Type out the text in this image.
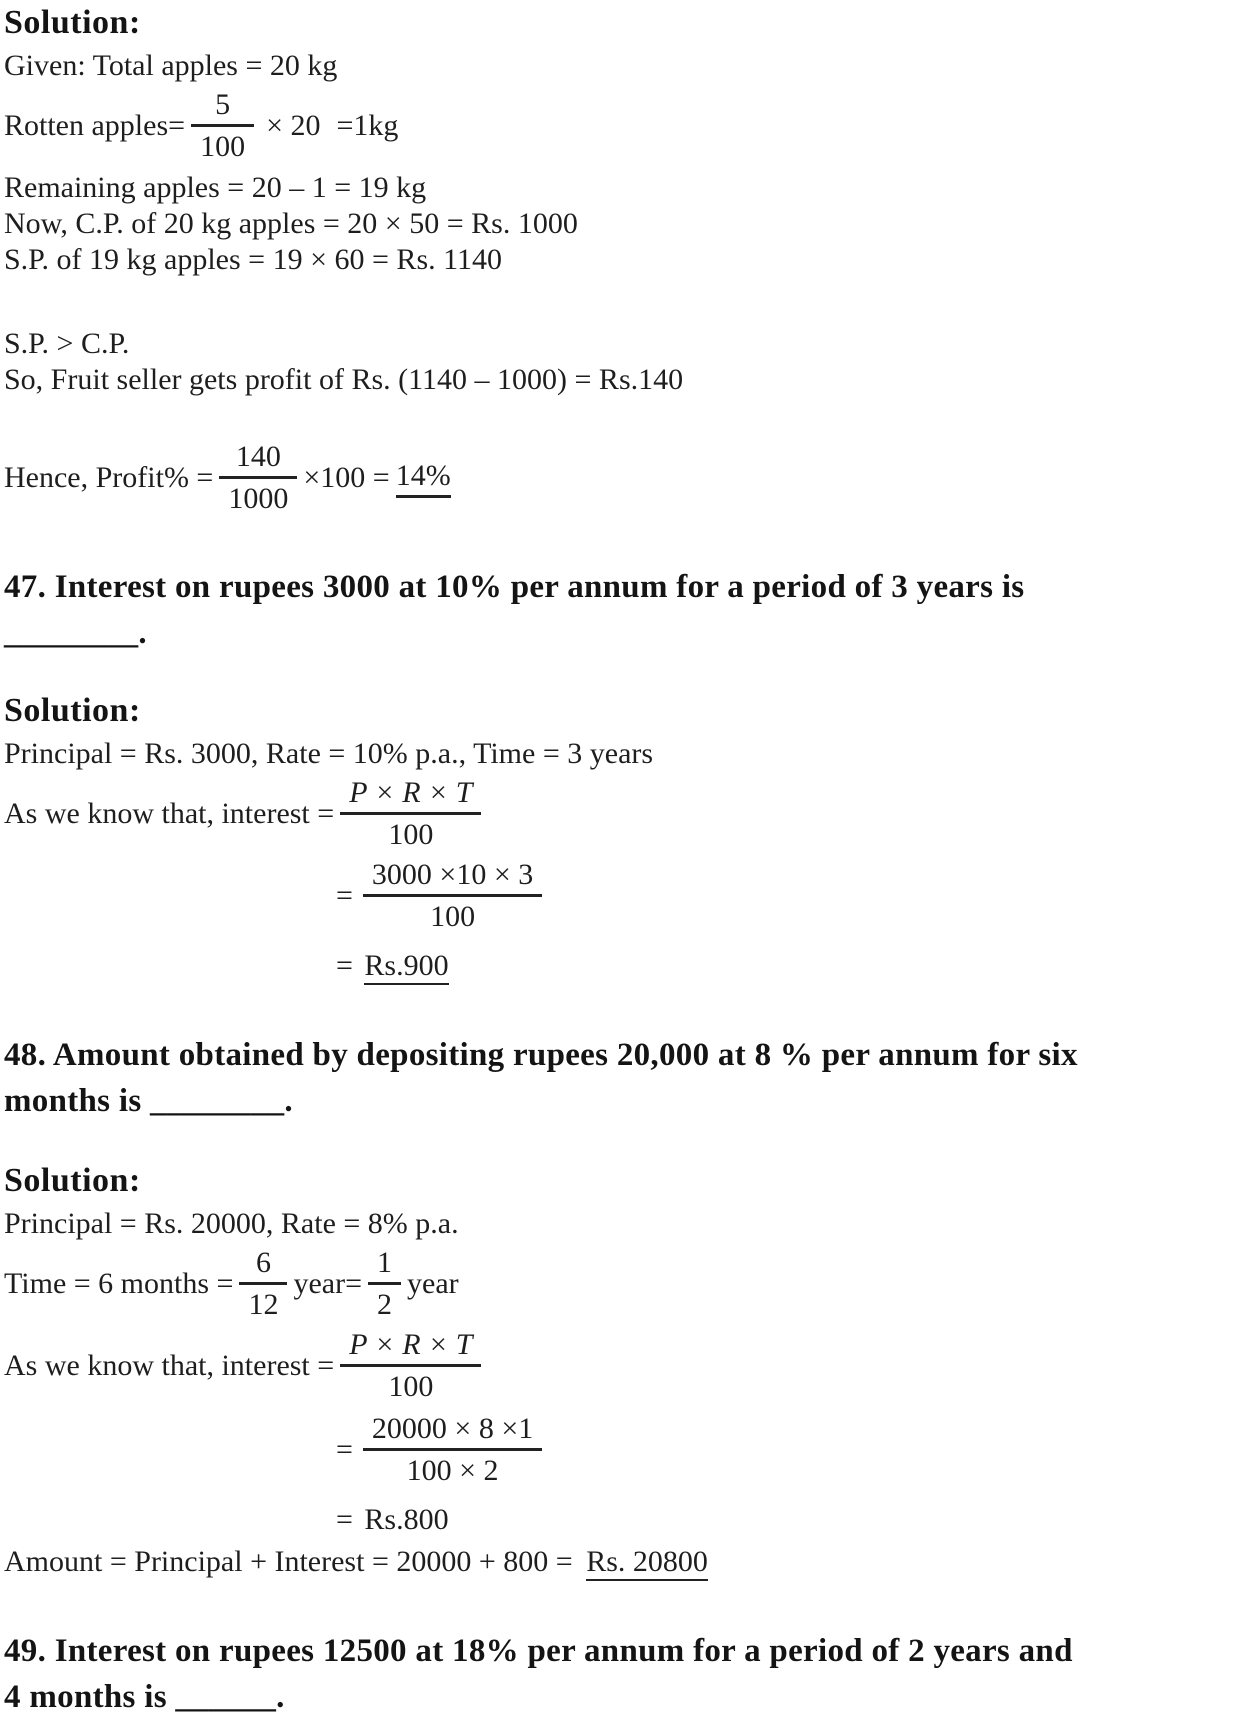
Solution:
Given: Total apples = 20 kg
Rotten apples= $\frac{5}{100} \times 20 =1kg$
Remaining apples = 20 – 1 = 19 kg
Now, C.P. of 20 kg apples = 20 × 50 = Rs. 1000
S.P. of 19 kg apples = 19 × 60 = Rs. 1140
S.P. > C.P.
So, Fruit seller gets profit of Rs. (1140 – 1000) = Rs.140
Hence, Profit% = $\frac{140}{1000} \times 100 = 14\%$
47. Interest on rupees 3000 at 10% per annum for a period of 3 years is
________.
Solution:
Principal = Rs. 3000, Rate = 10% p.a., Time = 3 years
As we know that, interest = $\frac{P \times R \times T}{100}$
= $\frac{3000 \times 10 \times 3}{100}$
= Rs.900
48. Amount obtained by depositing rupees 20,000 at 8 % per annum for six
months is ________.
Solution:
Principal = Rs. 20000, Rate = 8% p.a.
Time = 6 months = $\frac{6}{12}$ year= $\frac{1}{2}$ year
As we know that, interest = $\frac{P \times R \times T}{100}$
= $\frac{20000 \times 8 \times 1}{100 \times 2}$
= Rs.800
Amount = Principal + Interest = 20000 + 800 = Rs. 20800
49. Interest on rupees 12500 at 18% per annum for a period of 2 years and
4 months is ______.
